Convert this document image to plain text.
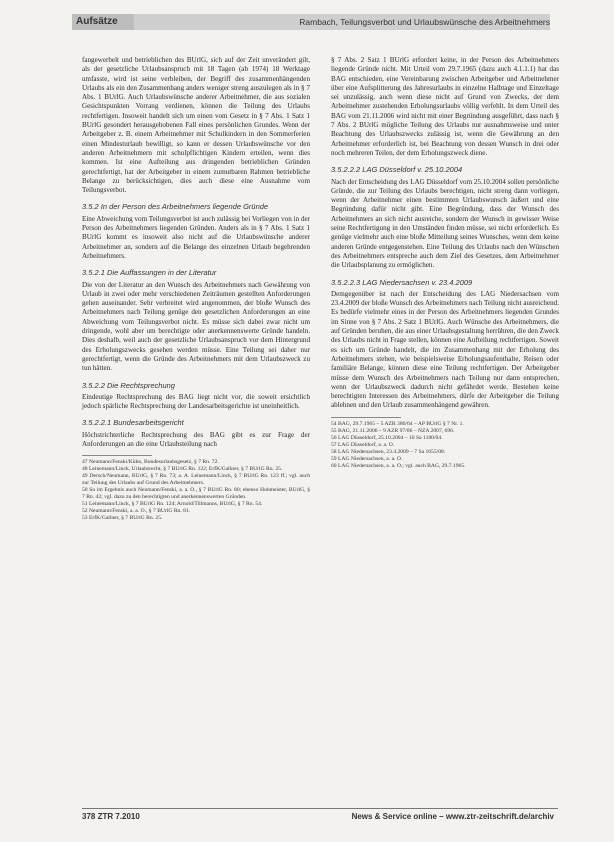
Aufsätze	Rambach, Teilungsverbot und Urlaubswünsche des Arbeitnehmers

fangewerbelt und betrieblichen des BUrlG, sich auf der Zeit unverändert gilt, als der gesetzliche Urlaubsanspruch mit 18 Tagen (ab 1974) 18 Werktage umfasste, wird ist seine verbleiben, der Begriff des zusammenhängenden Urlaubs als ein den Zusammenhang anders weniger streng auszulegen als in § 7 Abs. 1 BUrlG. Auch Urlaubswünsche anderer Arbeitnehmer, die aus sozialen Gesichtspunkten Vorrang verdienen, können die Teilung des Urlaubs rechtfertigen. Insoweit handelt sich um einen vom Gesetz in § 7 Abs. 1 Satz 1 BUrlG gesondert herausgehobenen Fall eines persönlichen Grundes. Wenn der Arbeitgeber z. B. einem Arbeitnehmer mit Schulkindern in den Sommerferien einen Mindesturlaub bewilligt, so kann er dessen Urlaubswünsche vor den anderen Arbeitnehmern mit schulpflichtigen Kindern erteilen, wenn dies kommen. Ist eine Aufteilung aus dringenden betrieblichen Gründen gerechtfertigt, hat der Arbeitgeber in einem zumutbaren Rahmen betriebliche Belange zu berücksichtigen, dies auch diese eine Ausnahme vom Teilungsverbot.

3.5.2 In der Person des Arbeitnehmers liegende Gründe

Eine Abweichung vom Teilungsverbot ist auch zulässig bei Vorliegen von in der Person des Arbeitnehmers liegenden Gründen. Anders als in § 7 Abs. 1 Satz 1 BUrlG kommt es insoweit also nicht auf die Urlaubswünsche anderer Arbeitnehmer an, sondern auf die Belange des einzelnen Urlaub begehrenden Arbeitnehmers.

3.5.2.1 Die Auffassungen in der Literatur

Die von der Literatur an den Wunsch des Arbeitnehmers nach Gewährung von Urlaub in zwei oder mehr verschiedenen Zeiträumen gestellten Anforderungen gehen auseinander. Sehr verbreitet wird angenommen, der bloße Wunsch des Arbeitnehmers nach Teilung genüge den gesetzlichen Anforderungen an eine Abweichung vom Teilungsverbot nicht. Es müsse sich dabei zwar nicht um dringende, wohl aber um berechtigte oder anerkennenswerte Gründe handeln. Dies deshalb, weil auch der gesetzliche Urlaubsanspruch vor dem Hintergrund des Erholungszwecks gesehen werden müsse. Eine Teilung sei daher nur gerechtfertigt, wenn die Gründe des Arbeitnehmers mit dem Urlaubszweck zu tun hätten.

3.5.2.2 Die Rechtsprechung

Eindeutige Rechtsprechung des BAG liegt nicht vor, die soweit ersichtlich jedoch spärliche Rechtsprechung der Landesarbeitsgerichte ist uneinheitlich.

3.5.2.2.1 Bundesarbeitsgericht

Höchstrichterliche Rechtsprechung des BAG gibt es zur Frage der Anforderungen an die eine Urlaubsteilung nach

47 Neumann/Fenski/Kühn, Bundesurlaubsgesetz, § 7 Rn. 72.

48 Leinemann/Linck, Urlaubsrecht, § 7 BUrlG Rn. 122; ErfK/Gallner, § 7 BUrlG Rn. 25.

49 Dersch/Neumann, BUrlG, § 7 Rn. 73; a. A. Leinemann/Linck, § 7 BUrlG Rn. 123 ff.; vgl. auch zur Teilung des Urlaubs auf Grund des Arbeitnehmers.

50 So im Ergebnis auch Neumann/Fenski, a. a. O., § 7 BUrlG Rn. 80; ebenso Hohmeister, BUrlG, § 7 Rn. 42; vgl. dazu zu den berechtigten und anerkennenswerten Gründen.

51 Leinemann/Linck, § 7 BUrlG Rn. 124; Arnold/Tillmanns, BUrlG, § 7 Rn. 54.

52 Neumann/Fenski, a. a. O., § 7 BUrlG Rn. 81.

53 ErfK/Gallner, § 7 BUrlG Rn. 25.

§ 7 Abs. 2 Satz 1 BUrlG erfordert keine, in der Person des Arbeitnehmers liegende Gründe nicht. Mit Urteil vom 29.7.1965 (dazu auch 4.1.1.1) hat das BAG entschieden, eine Vereinbarung zwischen Arbeitgeber und Arbeitnehmer über eine Aufsplitterung des Jahresurlaubs in einzelne Halbtage und Einzeltage sei unzulässig, auch wenn diese nicht auf Grund von Zwecks, der dem Arbeitnehmer zustehenden Erholungsurlaubs völlig verfehlt. In dem Urteil des BAG vom 21.11.2006 wird nicht mit einer Begründung ausgeführt, dass nach § 7 Abs. 2 BUrlG mögliche Teilung des Urlaubs nur ausnahmsweise und unter Beachtung des Urlaubszwecks zulässig ist, wenn die Gewährung an den Arbeitnehmer erforderlich ist, bei Beachtung von dessen Wunsch in drei oder noch mehreren Teilen, der dem Erholungszweck diene.

3.5.2.2.2 LAG Düsseldorf v. 25.10.2004

Nach der Entscheidung des LAG Düsseldorf vom 25.10.2004 sollen persönliche Gründe, die zur Teilung des Urlaubs berechtigen, nicht streng dann vorliegen, wenn der Arbeitnehmer einen bestimmten Urlaubswunsch äußert und eine Begründung dafür nicht gibt. Eine Begründung, dass der Wunsch des Arbeitnehmers an sich nicht ausreiche, sondern der Wunsch in gewisser Weise seine Rechtfertigung in den Umständen finden müsse, sei nicht erforderlich. Es genüge vielmehr auch eine bloße Mitteilung seines Wunsches, wenn dem keine anderen Gründe entgegenstehen. Eine Teilung des Urlaubs nach den Wünschen des Arbeitnehmers entspreche auch dem Ziel des Gesetzes, dem Arbeitnehmer die Urlaubsplanung zu ermöglichen.

3.5.2.2.3 LAG Niedersachsen v. 23.4.2009

Demgegenüber ist nach der Entscheidung des LAG Niedersachsen vom 23.4.2009 der bloße Wunsch des Arbeitnehmers nach Teilung nicht ausreichend. Es bedürfe vielmehr eines in der Person des Arbeitnehmers liegenden Grundes im Sinne von § 7 Abs. 2 Satz 1 BUrlG. Auch Wünsche des Arbeitnehmers, die auf Gründen beruhen, die aus einer Urlaubsgestaltung herrühren, die den Zweck des Urlaubs nicht in Frage stellen, können eine Aufteilung rechtfertigen. Soweit es sich um Gründe handelt, die im Zusammenhang mit der Erholung des Arbeitnehmers stehen, wie beispielsweise Erholungsaufenthalte, Reisen oder familiäre Belange, können diese eine Teilung rechtfertigen. Der Arbeitgeber müsse dem Wunsch des Arbeitnehmers nach Teilung nur dann entsprechen, wenn der Urlaubszweck dadurch nicht gefährdet werde. Bestehen keine berechtigten Interessen des Arbeitnehmers, dürfe der Arbeitgeber die Teilung ablehnen und den Urlaub zusammenhängend gewähren.

54 BAG, 29.7.1965 – 5 AZR 380/64 – AP BUrlG § 7 Nr. 1.

55 BAG, 21.11.2006 – 9 AZR 97/06 – NZA 2007, 696.

56 LAG Düsseldorf, 25.10.2004 – 10 Sa 1180/04.

57 LAG Düsseldorf, a. a. O.

58 LAG Niedersachsen, 23.4.2009 – 7 Sa 1655/08.

59 LAG Niedersachsen, a. a. O.

60 LAG Niedersachsen, a. a. O.; vgl. auch BAG, 29.7.1965.

378 ZTR 7.2010	News & Service online – www.ztr-zeitschrift.de/archiv
